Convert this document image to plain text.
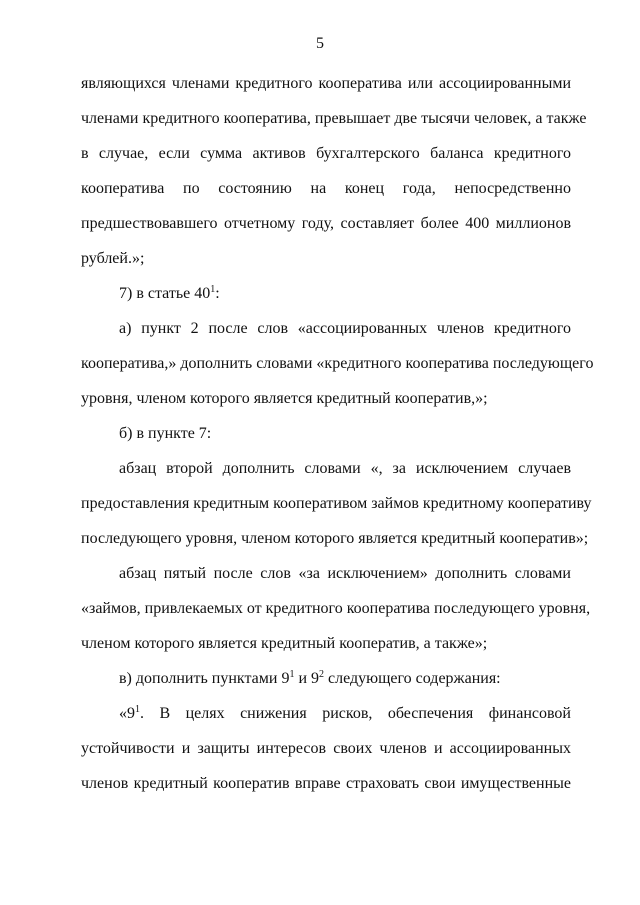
5
являющихся членами кредитного кооператива или ассоциированными
членами кредитного кооператива, превышает две тысячи человек, а также
в случае, если сумма активов бухгалтерского баланса кредитного
кооператива по состоянию на конец года, непосредственно
предшествовавшего отчетному году, составляет более 400 миллионов
рублей.»;
7) в статье $40^1$:
а) пункт 2 после слов «ассоциированных членов кредитного
кооператива,» дополнить словами «кредитного кооператива последующего
уровня, членом которого является кредитный кооператив,»;
б) в пункте 7:
абзац второй дополнить словами «, за исключением случаев
предоставления кредитным кооперативом займов кредитному кооперативу
последующего уровня, членом которого является кредитный кооператив»;
абзац пятый после слов «за исключением» дополнить словами
«займов, привлекаемых от кредитного кооператива последующего уровня,
членом которого является кредитный кооператив, а также»;
в) дополнить пунктами $9^1$ и $9^2$ следующего содержания:
«$9^1$. В целях снижения рисков, обеспечения финансовой
устойчивости и защиты интересов своих членов и ассоциированных
членов кредитный кооператив вправе страховать свои имущественные
